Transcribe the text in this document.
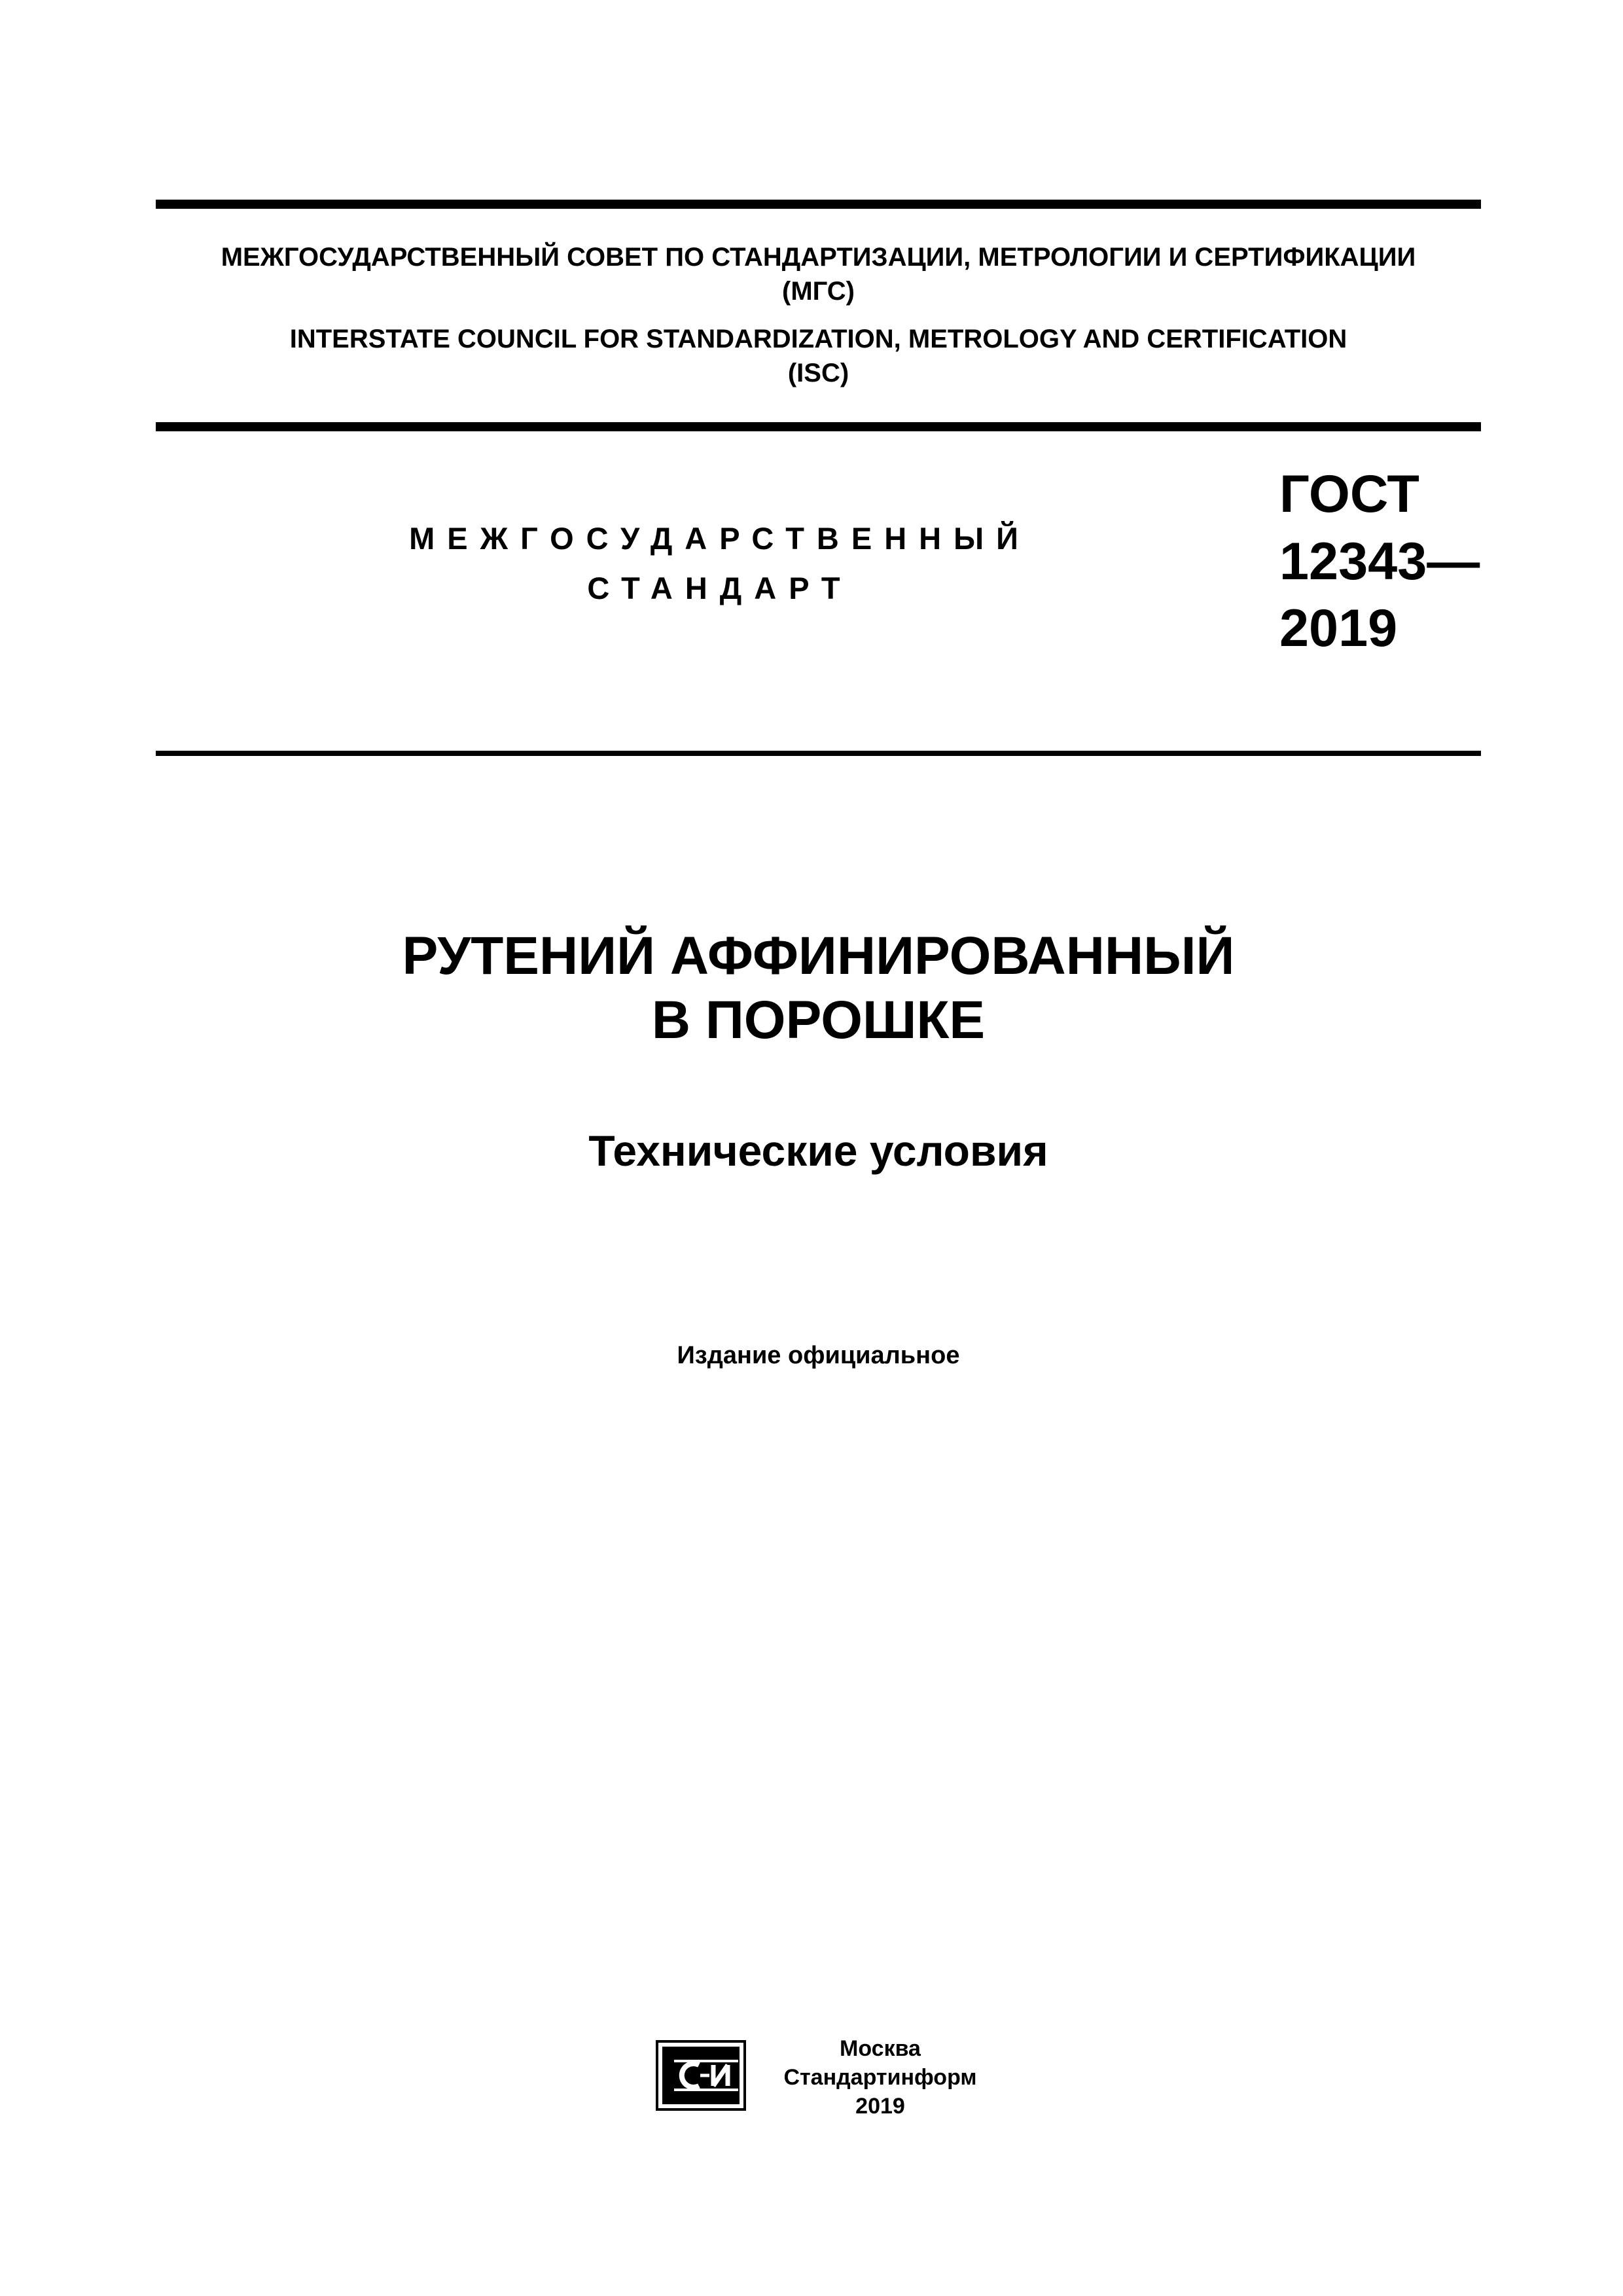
МЕЖГОСУДАРСТВЕННЫЙ СОВЕТ ПО СТАНДАРТИЗАЦИИ, МЕТРОЛОГИИ И СЕРТИФИКАЦИИ
(МГС)
INTERSTATE COUNCIL FOR STANDARDIZATION, METROLOGY AND CERTIFICATION
(ISC)
МЕЖГОСУДАРСТВЕННЫЙ
СТАНДАРТ
ГОСТ
12343—
2019
РУТЕНИЙ АФФИНИРОВАННЫЙ
В ПОРОШКЕ
Технические условия
Издание официальное
Москва
Стандартинформ
2019
